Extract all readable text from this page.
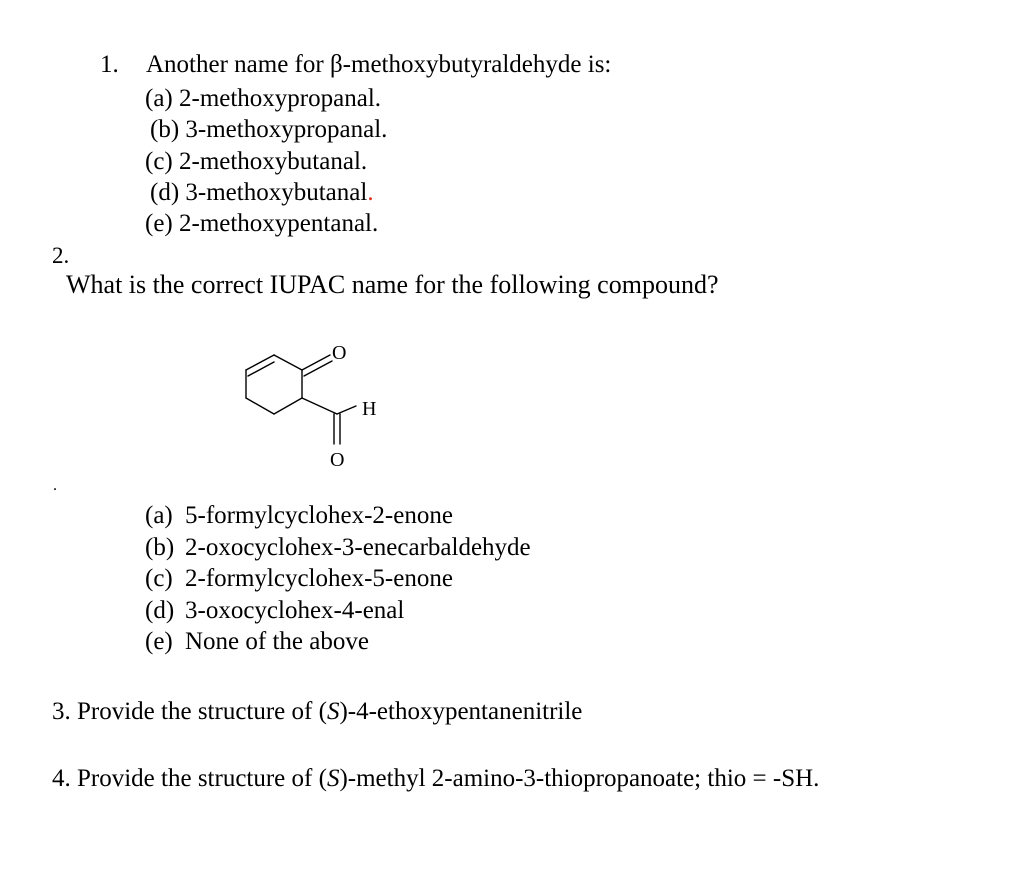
1. Another name for β-methoxybutyraldehyde is:
(a) 2-methoxypropanal.
(b) 3-methoxypropanal.
(c) 2-methoxybutanal.
(d) 3-methoxybutanal.
(e) 2-methoxypentanal.
2.
What is the correct IUPAC name for the following compound?
O
H
O
.
(a) 5-formylcyclohex-2-enone
(b) 2-oxocyclohex-3-enecarbaldehyde
(c) 2-formylcyclohex-5-enone
(d) 3-oxocyclohex-4-enal
(e) None of the above
3. Provide the structure of (S)-4-ethoxypentanenitrile
4. Provide the structure of (S)-methyl 2-amino-3-thiopropanoate; thio = -SH.
